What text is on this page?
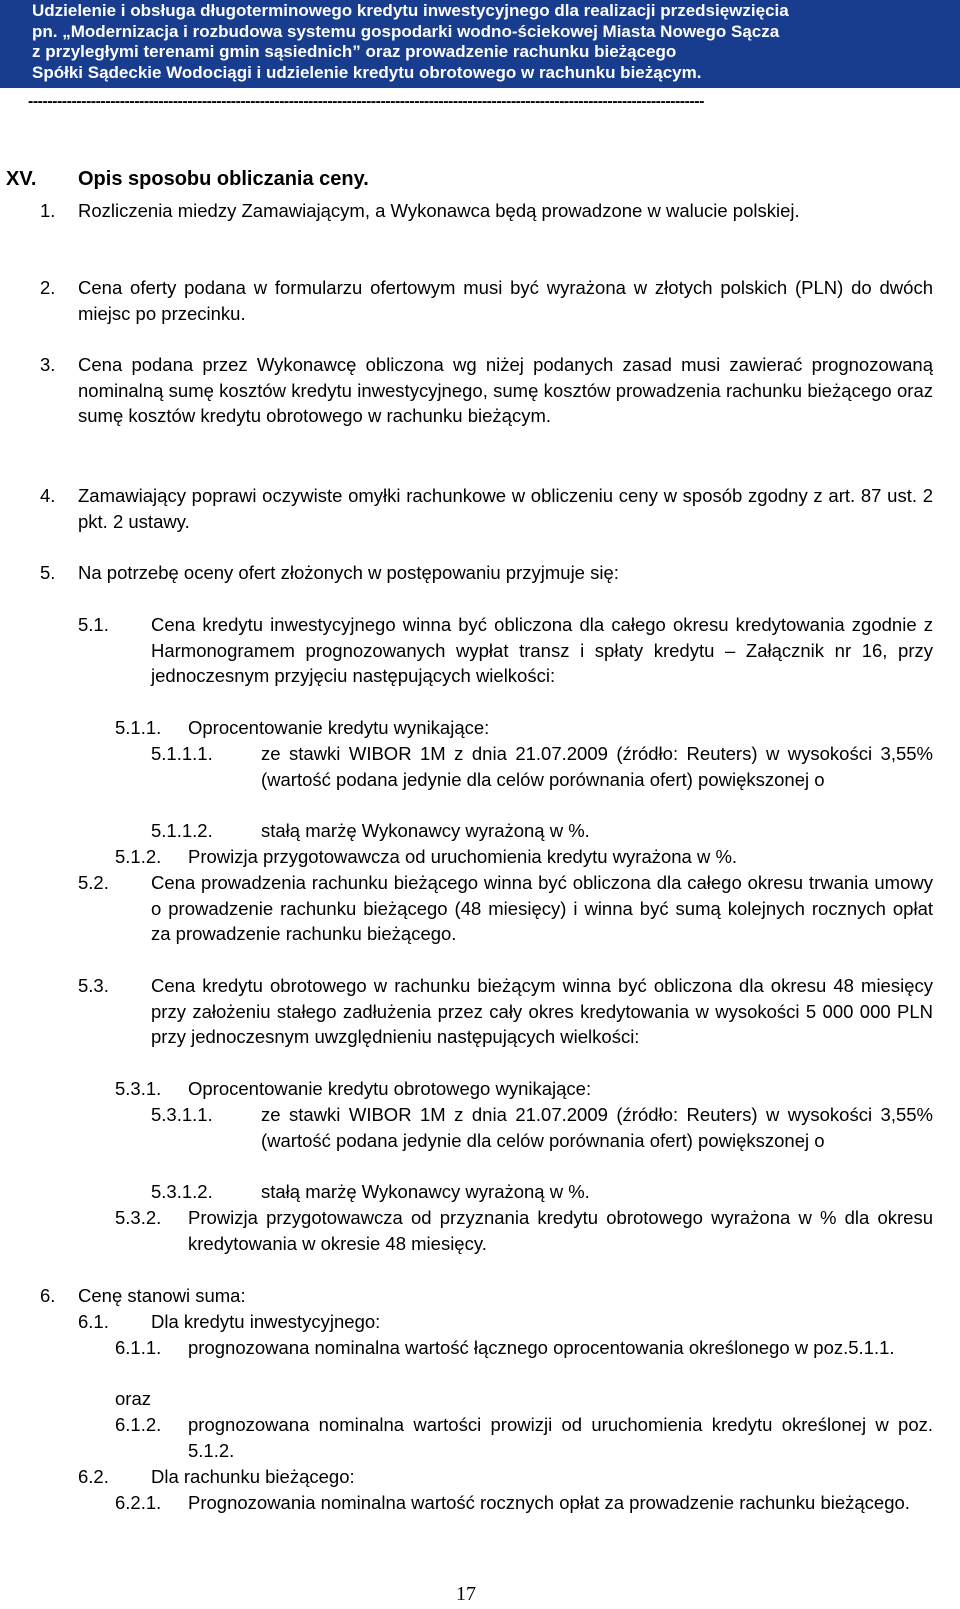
Udzielenie i obsługa długoterminowego kredytu inwestycyjnego dla realizacji przedsięwzięcia
pn. „Modernizacja i rozbudowa systemu gospodarki wodno-ściekowej Miasta Nowego Sącza
z przyległymi terenami gmin sąsiednich” oraz prowadzenie rachunku bieżącego
Spółki Sądeckie Wodociągi i udzielenie kredytu obrotowego w rachunku bieżącym.
--------------------------------------------------------------------------------------------------------------------------------------------
XV.	Opis sposobu obliczania ceny.
1. Rozliczenia miedzy Zamawiającym, a Wykonawca będą prowadzone w walucie polskiej.
2. Cena oferty podana w formularzu ofertowym musi być wyrażona w złotych polskich (PLN) do dwóch miejsc po przecinku.
3. Cena podana przez Wykonawcę obliczona wg niżej podanych zasad musi zawierać prognozowaną nominalną sumę kosztów kredytu inwestycyjnego, sumę kosztów prowadzenia rachunku bieżącego oraz sumę kosztów kredytu obrotowego w rachunku bieżącym.
4. Zamawiający poprawi oczywiste omyłki rachunkowe w obliczeniu ceny w sposób zgodny z art. 87 ust. 2 pkt. 2 ustawy.
5. Na potrzebę oceny ofert złożonych w postępowaniu przyjmuje się:
5.1. Cena kredytu inwestycyjnego winna być obliczona dla całego okresu kredytowania zgodnie z Harmonogramem prognozowanych wypłat transz i spłaty kredytu – Załącznik nr 16, przy jednoczesnym przyjęciu następujących wielkości:
5.1.1. Oprocentowanie kredytu wynikające:
5.1.1.1.	ze stawki WIBOR 1M z dnia 21.07.2009 (źródło: Reuters) w wysokości 3,55% (wartość podana jedynie dla celów porównania ofert) powiększonej o
5.1.1.2.	stałą marżę Wykonawcy wyrażoną w %.
5.1.2. Prowizja przygotowawcza od uruchomienia kredytu wyrażona w %.
5.2. Cena prowadzenia rachunku bieżącego winna być obliczona dla całego okresu trwania umowy o prowadzenie rachunku bieżącego (48 miesięcy) i winna być sumą kolejnych rocznych opłat za prowadzenie rachunku bieżącego.
5.3. Cena kredytu obrotowego w rachunku bieżącym winna być obliczona dla okresu 48 miesięcy przy założeniu stałego zadłużenia przez cały okres kredytowania w wysokości 5 000 000 PLN przy jednoczesnym uwzględnieniu następujących wielkości:
5.3.1. Oprocentowanie kredytu obrotowego wynikające:
5.3.1.1.	ze stawki WIBOR 1M z dnia 21.07.2009 (źródło: Reuters) w wysokości 3,55% (wartość podana jedynie dla celów porównania ofert) powiększonej o
5.3.1.2.	stałą marżę Wykonawcy wyrażoną w %.
5.3.2. Prowizja przygotowawcza od przyznania kredytu obrotowego wyrażona w % dla okresu kredytowania w okresie 48 miesięcy.
6. Cenę stanowi suma:
6.1. Dla kredytu inwestycyjnego:
6.1.1. prognozowana nominalna wartość łącznego oprocentowania określonego w poz.5.1.1.
oraz
6.1.2. prognozowana nominalna wartości prowizji od uruchomienia kredytu określonej w poz. 5.1.2.
6.2. Dla rachunku bieżącego:
6.2.1. Prognozowania nominalna wartość rocznych opłat za prowadzenie rachunku bieżącego.
17
